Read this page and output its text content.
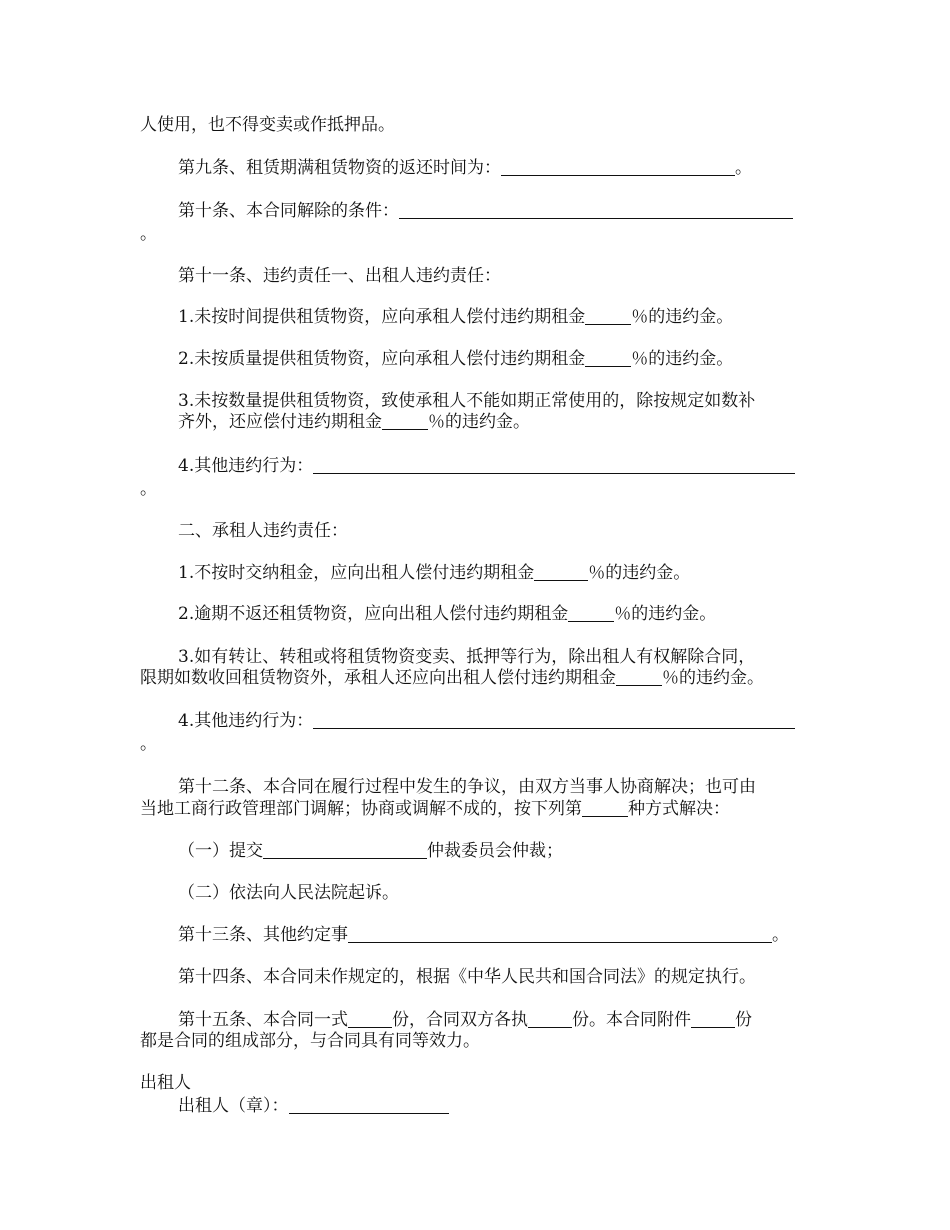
人使用，也不得变卖或作抵押品。
第九条、租赁期满租赁物资的返还时间为：	。
第十条、本合同解除的条件：
。
第十一条、违约责任一、出租人违约责任：
1.未按时间提供租赁物资，应向承租人偿付违约期租金	％的违约金。
2.未按质量提供租赁物资，应向承租人偿付违约期租金	％的违约金。
3.未按数量提供租赁物资，致使承租人不能如期正常使用的，除按规定如数补
齐外，还应偿付违约期租金	％的违约金。
4.其他违约行为：
。
二、承租人违约责任：
1.不按时交纳租金，应向出租人偿付违约期租金	％的违约金。
2.逾期不返还租赁物资，应向出租人偿付违约期租金	％的违约金。
3.如有转让、转租或将租赁物资变卖、抵押等行为，除出租人有权解除合同，
限期如数收回租赁物资外，承租人还应向出租人偿付违约期租金	％的违约金。
4.其他违约行为：
。
第十二条、本合同在履行过程中发生的争议，由双方当事人协商解决；也可由
当地工商行政管理部门调解；协商或调解不成的，按下列第	种方式解决：
（一）提交	仲裁委员会仲裁；
（二）依法向人民法院起诉。
第十三条、其他约定事	。
第十四条、本合同未作规定的，根据《中华人民共和国合同法》的规定执行。
第十五条、本合同一式	份，合同双方各执	份。本合同附件	份
都是合同的组成部分，与合同具有同等效力。
出租人
出租人（章）：
